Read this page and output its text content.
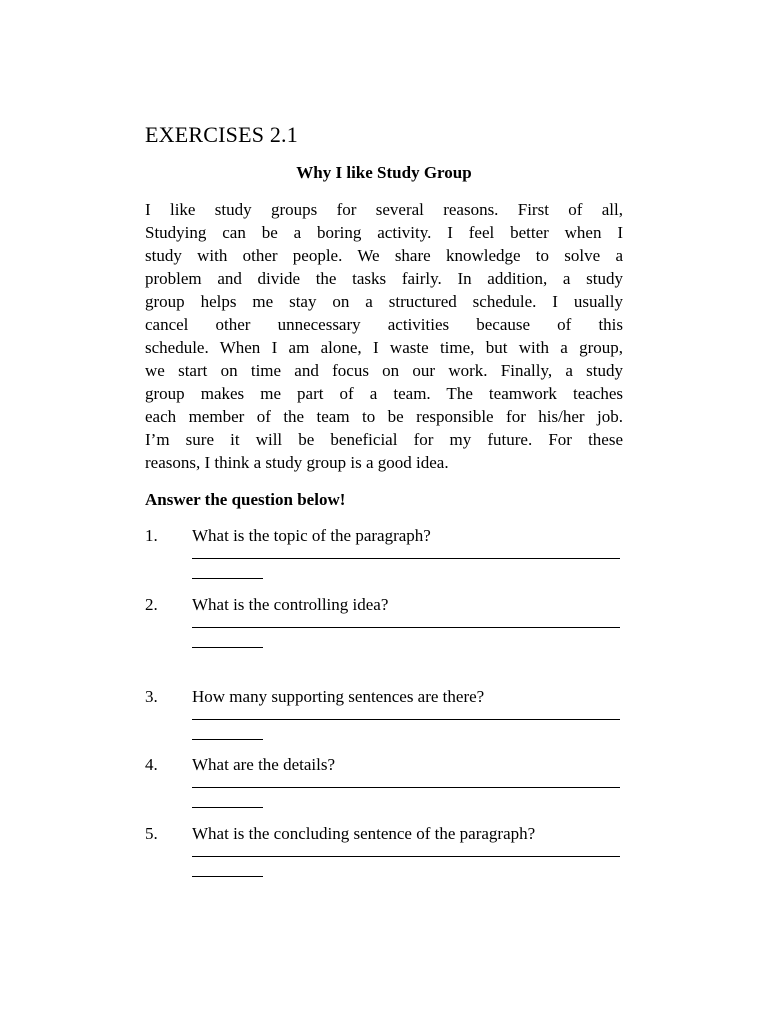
EXERCISES 2.1
Why I like Study Group
I like study groups for several reasons. First of all,
Studying can be a boring activity. I feel better when I
study with other people. We share knowledge to solve a
problem and divide the tasks fairly. In addition, a study
group helps me stay on a structured schedule. I usually
cancel other unnecessary activities because of this
schedule. When I am alone, I waste time, but with a group,
we start on time and focus on our work. Finally, a study
group makes me part of a team. The teamwork teaches
each member of the team to be responsible for his/her job.
I’m sure it will be beneficial for my future. For these
reasons, I think a study group is a good idea.

Answer the question below!

1.	What is the topic of the paragraph?
2.	What is the controlling idea?
3.	How many supporting sentences are there?
4.	What are the details?
5.	What is the concluding sentence of the paragraph?
